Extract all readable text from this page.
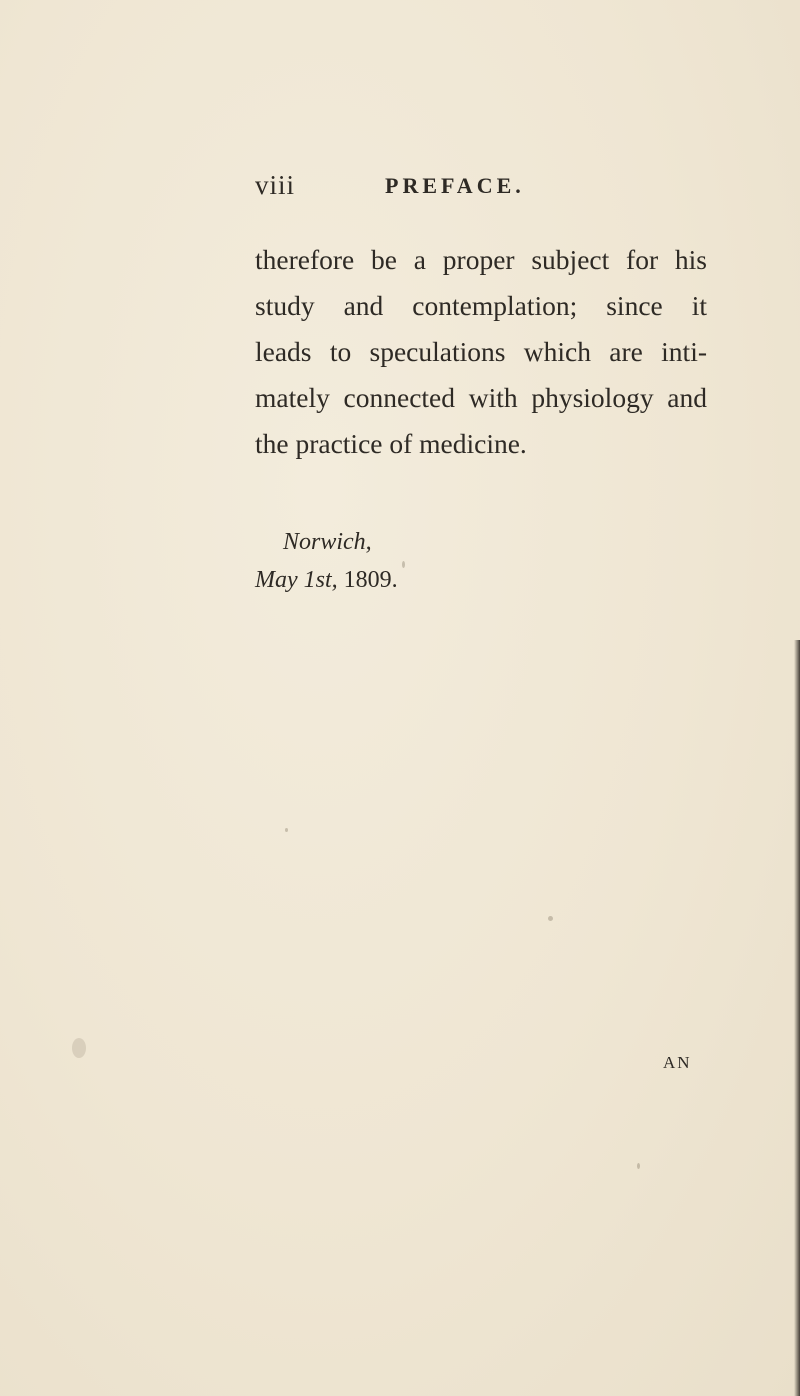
viii	PREFACE.
therefore be a proper subject for his
study and contemplation; since it
leads to speculations which are inti-
mately connected with physiology and
the practice of medicine.
Norwich,
May 1st, 1809.
AN
